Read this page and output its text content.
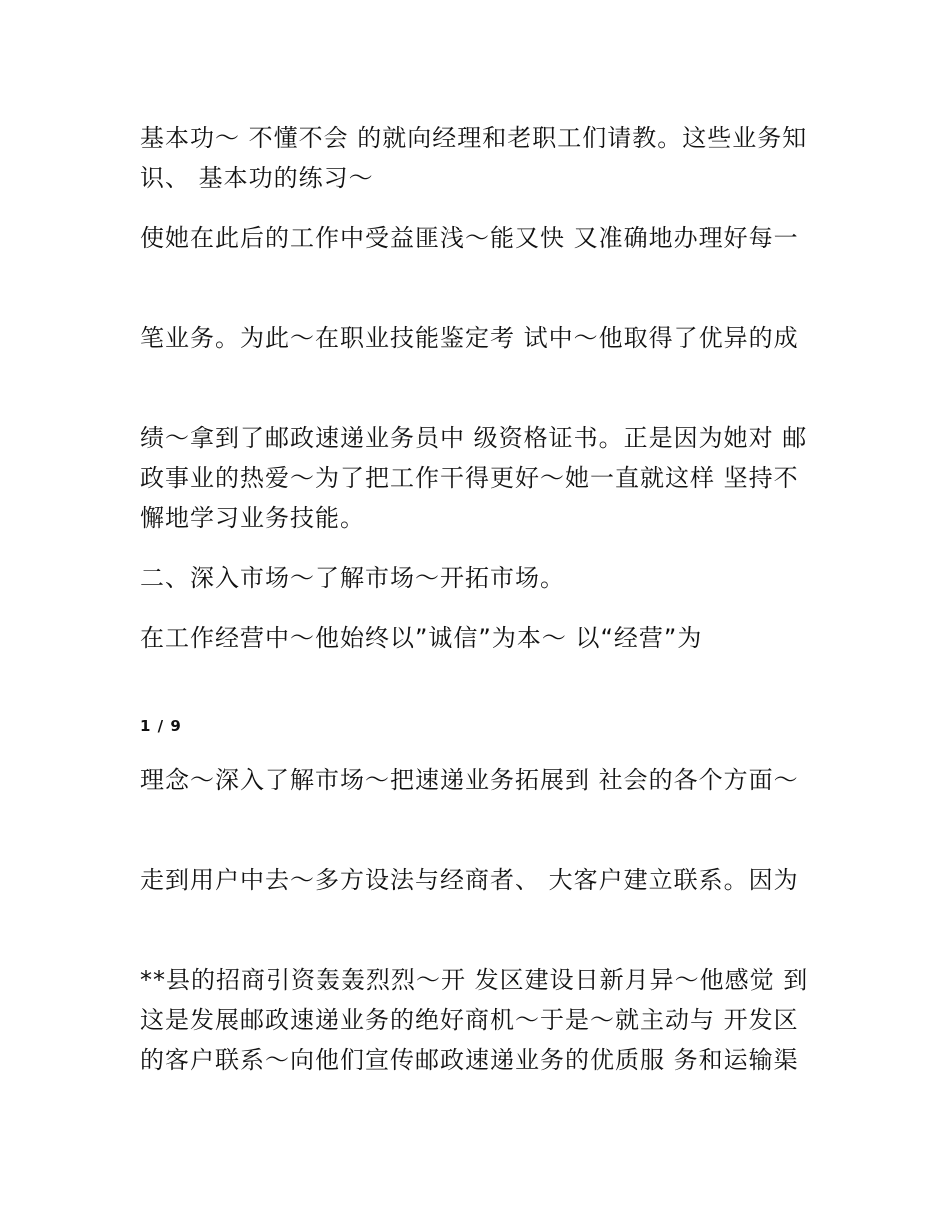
基本功～ 不懂不会 的就向经理和老职工们请教。这些业务知识、 基本功的练习～

使她在此后的工作中受益匪浅～能又快 又准确地办理好每一

笔业务。为此～在职业技能鉴定考 试中～他取得了优异的成

绩～拿到了邮政速递业务员中 级资格证书。正是因为她对 邮 政事业的热爱～为了把工作干得更好～她一直就这样 坚持不 懈地学习业务技能。

二、深入市场～了解市场～开拓市场。

在工作经营中～他始终以”诚信”为本～ 以“经营”为

1 / 9

理念～深入了解市场～把速递业务拓展到 社会的各个方面～

走到用户中去～多方设法与经商者、 大客户建立联系。因为

**县的招商引资轰轰烈烈～开 发区建设日新月异～他感觉 到 这是发展邮政速递业务的绝好商机～于是～就主动与 开发区 的客户联系～向他们宣传邮政速递业务的优质服 务和运输渠
